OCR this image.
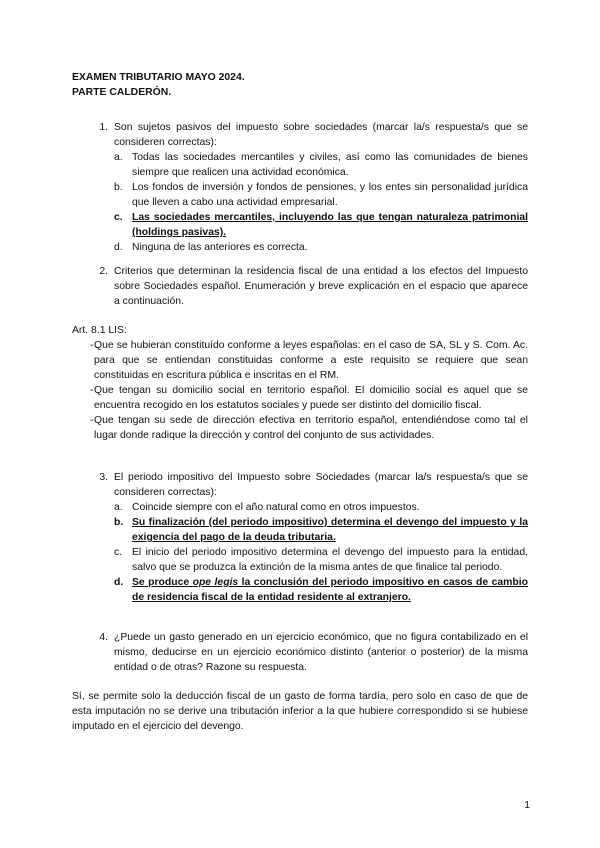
EXAMEN TRIBUTARIO MAYO 2024.

PARTE CALDERÓN.

1. Son sujetos pasivos del impuesto sobre sociedades (marcar la/s respuesta/s que se consideren correctas):

a. Todas las sociedades mercantiles y civiles, así como las comunidades de bienes siempre que realicen una actividad económica.
b. Los fondos de inversión y fondos de pensiones, y los entes sin personalidad jurídica que lleven a cabo una actividad empresarial.
c. Las sociedades mercantiles, incluyendo las que tengan naturaleza patrimonial (holdings pasivas).
d. Ninguna de las anteriores es correcta.
2. Criterios que determinan la residencia fiscal de una entidad a los efectos del Impuesto sobre Sociedades español. Enumeración y breve explicación en el espacio que aparece a continuación.

Art. 8.1 LIS:

- Que se hubieran constituído conforme a leyes españolas: en el caso de SA, SL y S. Com. Ac. para que se entiendan constituidas conforme a este requisito se requiere que sean constituidas en escritura pública e inscritas en el RM.
- Que tengan su domicilio social en territorio español. El domicilio social es aquel que se encuentra recogido en los estatutos sociales y puede ser distinto del domicilio fiscal.
- Que tengan su sede de dirección efectiva en territorio español, entendiéndose como tal el lugar donde radique la dirección y control del conjunto de sus actividades.
3. El periodo impositivo del Impuesto sobre Sociedades (marcar la/s respuesta/s que se consideren correctas):

a. Coincide siempre con el año natural como en otros impuestos.
b. Su finalización (del periodo impositivo) determina el devengo del impuesto y la exigencia del pago de la deuda tributaria.
c. El inicio del periodo impositivo determina el devengo del impuesto para la entidad, salvo que se produzca la extinción de la misma antes de que finalice tal periodo.
d. Se produce ope legis la conclusión del periodo impositivo en casos de cambio de residencia fiscal de la entidad residente al extranjero.
4. ¿Puede un gasto generado en un ejercicio económico, que no figura contabilizado en el mismo, deducirse en un ejercicio económico distinto (anterior o posterior) de la misma entidad o de otras? Razone su respuesta.

Sí, se permite solo la deducción fiscal de un gasto de forma tardía, pero solo en caso de que de esta imputación no se derive una tributación inferior a la que hubiere correspondido si se hubiese imputado en el ejercicio del devengo.

1
